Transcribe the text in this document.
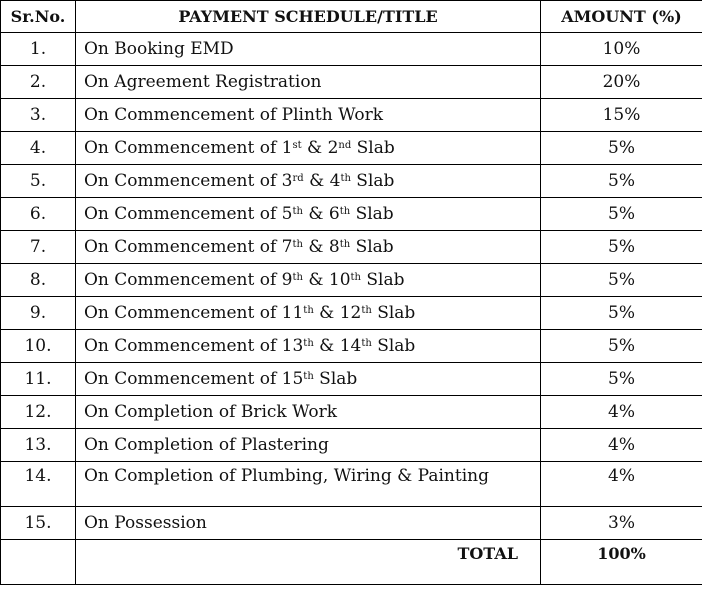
Sr.No.	PAYMENT SCHEDULE/TITLE	AMOUNT (%)
1.	On Booking EMD	10%
2.	On Agreement Registration	20%
3.	On Commencement of Plinth Work	15%
4.	On Commencement of 1st & 2nd Slab	5%
5.	On Commencement of 3rd & 4th Slab	5%
6.	On Commencement of 5th & 6th Slab	5%
7.	On Commencement of 7th & 8th Slab	5%
8.	On Commencement of 9th & 10th Slab	5%
9.	On Commencement of 11th & 12th Slab	5%
10.	On Commencement of 13th & 14th Slab	5%
11.	On Commencement of 15th Slab	5%
12.	On Completion of Brick Work	4%
13.	On Completion of Plastering	4%
14.	On Completion of Plumbing, Wiring & Painting	4%
15.	On Possession	3%
	TOTAL	100%
